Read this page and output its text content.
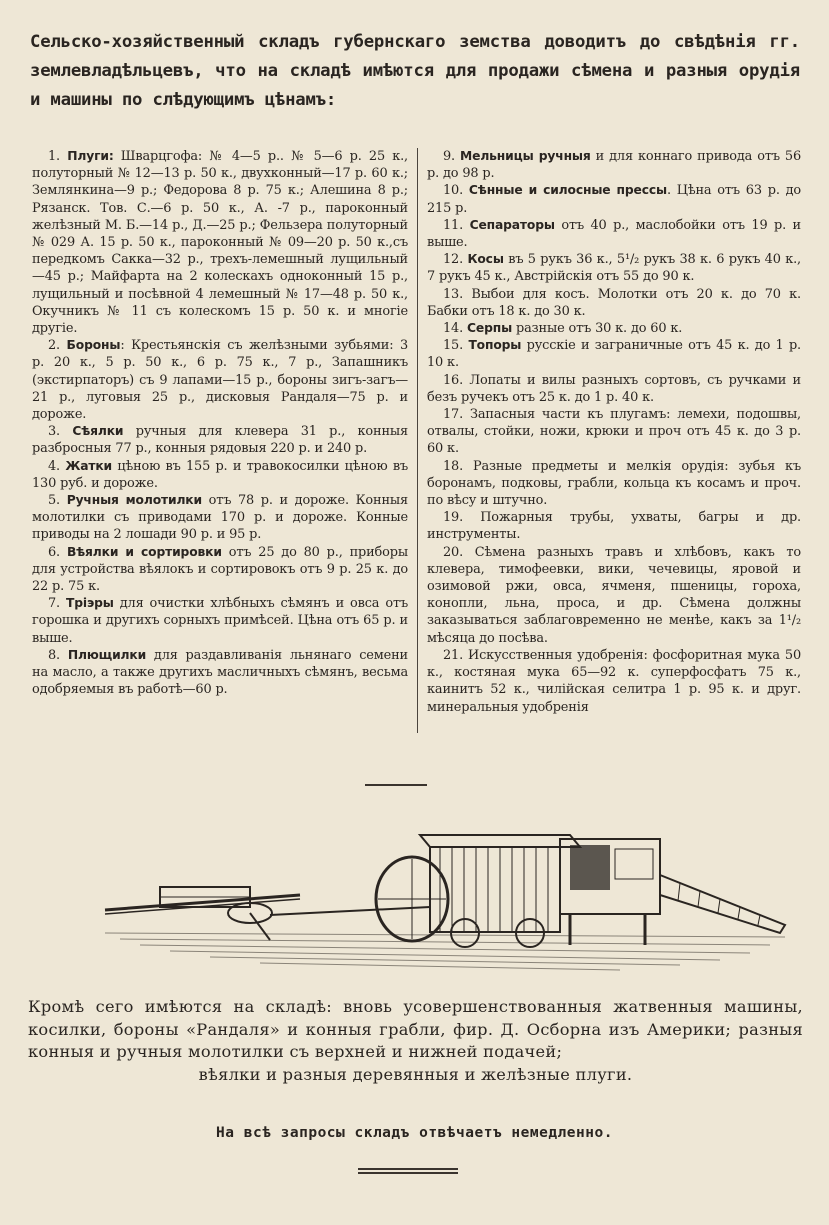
Сельско-хозяйственный складъ губернскаго земства доводитъ до свѣдѣнія гг. землевладѣльцевъ, что на складѣ имѣются для продажи сѣмена и разныя орудія и машины по слѣдующимъ цѣнамъ:

1. Плуги: Шварцгофа: № 4—5 р.. № 5—6 р. 25 к., полуторный № 12—13 р. 50 к., двухконный—17 р. 60 к.; Землянкина—9 р.; Федорова 8 р. 75 к.; Алешина 8 р.; Рязанск. Тов. С.—6 р. 50 к., А. -7 р., пароконный желѣзный М. Б.—14 р., Д.—25 р.; Фельзера полуторный № 029 А. 15 р. 50 к., пароконный № 09—20 р. 50 к.,съ передкомъ Сакка—32 р., трехъ-лемешный лущильный—45 р.; Майфарта на 2 колескахъ одноконный 15 р., лущильный и посѣвной 4 лемешный № 17—48 р. 50 к., Окучникъ № 11 съ колескомъ 15 р. 50 к. и многіе другіе.

2. Бороны: Крестьянскія съ желѣзными зубьями: 3 р. 20 к., 5 р. 50 к., 6 р. 75 к., 7 р., Запашникъ (экстирпаторъ) съ 9 лапами—15 р., бороны зигъ-загъ—21 р., луговыя 25 р., дисковыя Рандаля—75 р. и дороже.

3. Сѣялки ручныя для клевера 31 р., конныя разбросныя 77 р., конныя рядовыя 220 р. и 240 р.

4. Жатки цѣною въ 155 р. и травокосилки цѣною въ 130 руб. и дороже.

5. Ручныя молотилки отъ 78 р. и дороже. Конныя молотилки съ приводами 170 р. и дороже. Конные приводы на 2 лошади 90 р. и 95 р.

6. Вѣялки и сортировки отъ 25 до 80 р., приборы для устройства вѣялокъ и сортировокъ отъ 9 р. 25 к. до 22 р. 75 к.

7. Тріэры для очистки хлѣбныхъ сѣмянъ и овса отъ горошка и другихъ сорныхъ примѣсей. Цѣна отъ 65 р. и выше.

8. Плющилки для раздавливанія льнянаго семени на масло, а также другихъ масличныхъ сѣмянъ, весьма одобряемыя въ работѣ—60 р.

9. Мельницы ручныя и для коннаго привода отъ 56 р. до 98 р.

10. Сѣнные и силосные прессы. Цѣна отъ 63 р. до 215 р.

11. Сепараторы отъ 40 р., маслобойки отъ 19 р. и выше.

12. Косы въ 5 рукъ 36 к., 5¹/₂ рукъ 38 к. 6 рукъ 40 к., 7 рукъ 45 к., Австрійскія отъ 55 до 90 к.

13. Выбои для косъ. Молотки отъ 20 к. до 70 к. Бабки отъ 18 к. до 30 к.

14. Серпы разные отъ 30 к. до 60 к.

15. Топоры русскіе и заграничные отъ 45 к. до 1 р. 10 к.

16. Лопаты и вилы разныхъ сортовъ, съ ручками и безъ ручекъ отъ 25 к. до 1 р. 40 к.

17. Запасныя части къ плугамъ: лемехи, подошвы, отвалы, стойки, ножи, крюки и проч отъ 45 к. до 3 р. 60 к.

18. Разные предметы и мелкія орудія: зубья къ боронамъ, подковы, грабли, кольца къ косамъ и проч. по вѣсу и штучно.

19. Пожарныя трубы, ухваты, багры и др. инструменты.

20. Сѣмена разныхъ травъ и хлѣбовъ, какъ то клевера, тимофеевки, вики, чечевицы, яровой и озимовой ржи, овса, ячменя, пшеницы, гороха, конопли, льна, проса, и др. Сѣмена должны заказываться заблаговременно не менѣе, какъ за 1¹/₂ мѣсяца до посѣва.

21. Искусственныя удобренія: фосфоритная мука 50 к., костяная мука 65—92 к. суперфосфатъ 75 к., каинитъ 52 к., чилійская селитра 1 р. 95 к. и друг. минеральныя удобренія

Кромѣ сего имѣются на складѣ: вновь усовершенствованныя жатвенныя машины, косилки, бороны «Рандаля» и конныя грабли, фир. Д. Осборна изъ Америки; разныя конныя и ручныя молотилки съ верхней и нижней подачей;
вѣялки и разныя деревянныя и желѣзные плуги.
На всѣ запросы складъ отвѣчаетъ немедленно.
